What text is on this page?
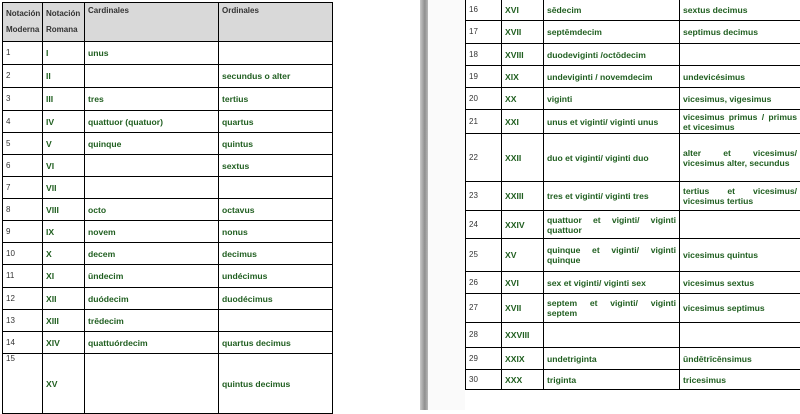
Notación Moderna	Notación Romana	Cardinales	Ordinales
1	I	unus	
2	II		secundus o alter
3	III	tres	tertius
4	IV	quattuor (quatuor)	quartus
5	V	quinque	quintus
6	VI		sextus
7	VII		
8	VIII	octo	octavus
9	IX	novem	nonus
10	X	decem	decimus
11	XI	ūndecim	undécimus
12	XII	duódecim	duodécimus
13	XIII	trēdecim	
14	XIV	quattuórdecim	quartus decimus
15	XV		quintus decimus
16	XVI	sēdecim	sextus decimus
17	XVII	septēmdecim	septimus decimus
18	XVIII	duodeviginti /octōdecim	
19	XIX	undeviginti / novemdecim	undevicésimus
20	XX	viginti	vicesimus, vigesimus
21	XXI	unus et viginti/ viginti unus	vicesimus primus / primus et vicesimus
22	XXII	duo et viginti/ viginti duo	alter et vicesimus/ vicesimus alter, secundus
23	XXIII	tres et viginti/ viginti tres	tertius et vicesimus/ vicesimus tertius
24	XXIV	quattuor et viginti/ viginti quattuor	
25	XV	quinque et viginti/ viginti quinque	vicesimus quintus
26	XVI	sex et viginti/ viginti sex	vicesimus sextus
27	XVII	septem et viginti/ viginti septem	vicesimus septimus
28	XXVIII		
29	XXIX	undetriginta	ūndētrīcēnsimus
30	XXX	triginta	tricesimus
